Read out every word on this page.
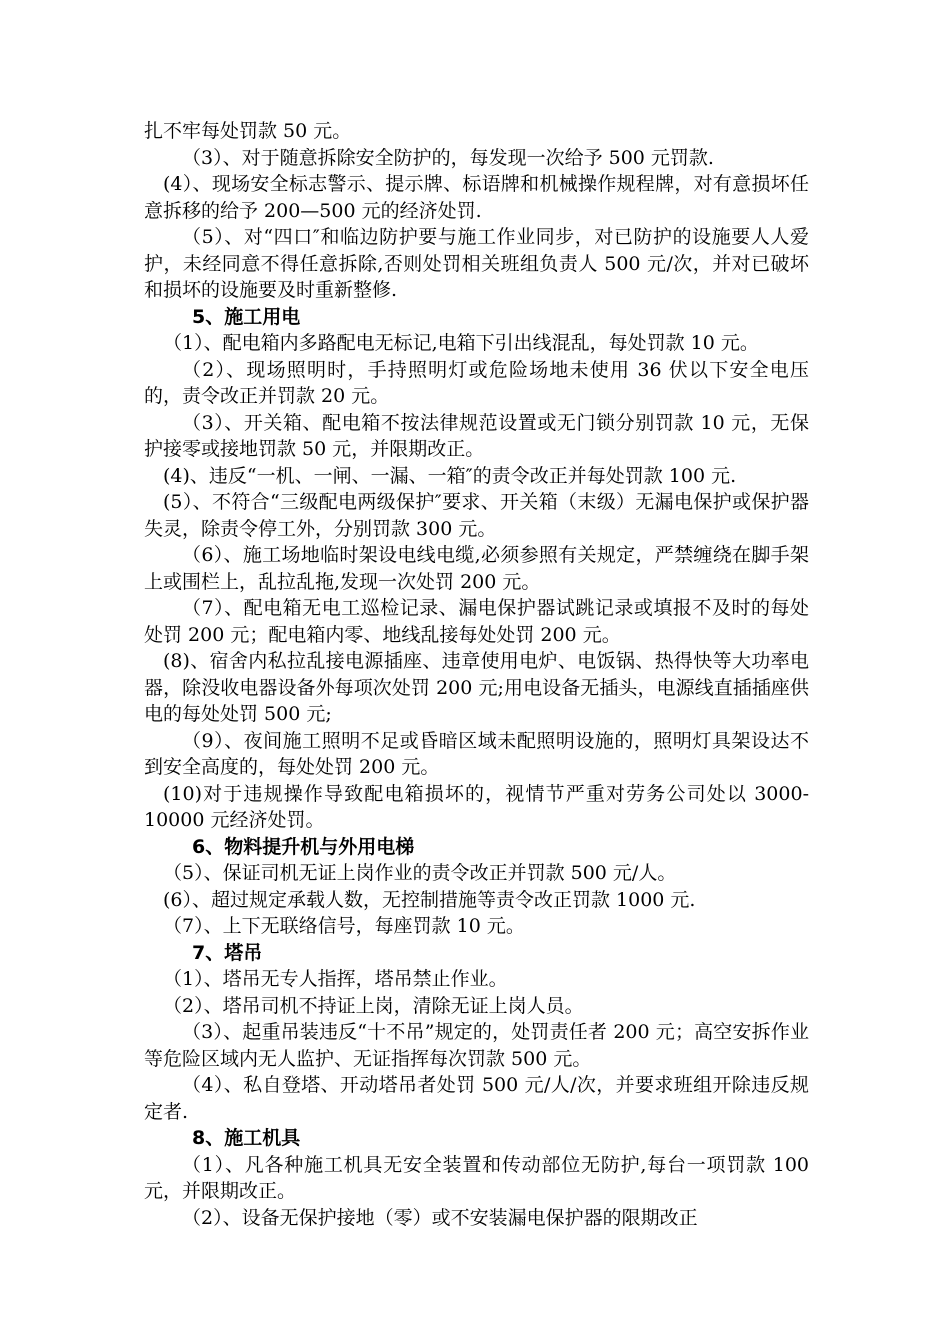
扎不牢每处罚款 50 元。

（3）、对于随意拆除安全防护的，每发现一次给予 500 元罚款.

(4）、现场安全标志警示、提示牌、标语牌和机械操作规程牌，对有意损坏任意拆移的给予 200—500 元的经济处罚.

（5）、对“四口″和临边防护要与施工作业同步，对已防护的设施要人人爱护，未经同意不得任意拆除,否则处罚相关班组负责人 500 元/次，并对已破坏和损坏的设施要及时重新整修.

5、施工用电

（1）、配电箱内多路配电无标记,电箱下引出线混乱，每处罚款 10 元。

（2）、现场照明时，手持照明灯或危险场地未使用 36 伏以下安全电压的，责令改正并罚款 20 元。

（3）、开关箱、配电箱不按法律规范设置或无门锁分别罚款 10 元，无保护接零或接地罚款 50 元，并限期改正。

(4)、违反“一机、一闸、一漏、一箱″的责令改正并每处罚款 100 元.

(5）、不符合“三级配电两级保护″要求、开关箱（末级）无漏电保护或保护器失灵，除责令停工外，分别罚款 300 元。

（6）、施工场地临时架设电线电缆,必须参照有关规定，严禁缠绕在脚手架上或围栏上，乱拉乱拖,发现一次处罚 200 元。

（7）、配电箱无电工巡检记录、漏电保护器试跳记录或填报不及时的每处处罚 200 元；配电箱内零、地线乱接每处处罚 200 元。

(8)、宿舍内私拉乱接电源插座、违章使用电炉、电饭锅、热得快等大功率电器，除没收电器设备外每项次处罚 200 元;用电设备无插头，电源线直插插座供电的每处处罚 500 元;

（9）、夜间施工照明不足或昏暗区域未配照明设施的，照明灯具架设达不到安全高度的，每处处罚 200 元。

(10)对于违规操作导致配电箱损坏的，视情节严重对劳务公司处以 3000-10000 元经济处罚。

6、物料提升机与外用电梯

（5）、保证司机无证上岗作业的责令改正并罚款 500 元/人。

(6）、超过规定承载人数，无控制措施等责令改正罚款 1000 元.

（7）、上下无联络信号，每座罚款 10 元。

7、塔吊

（1）、塔吊无专人指挥，塔吊禁止作业。

（2）、塔吊司机不持证上岗，清除无证上岗人员。

（3）、起重吊装违反“十不吊”规定的，处罚责任者 200 元；高空安拆作业等危险区域内无人监护、无证指挥每次罚款 500 元。

（4）、私自登塔、开动塔吊者处罚 500 元/人/次，并要求班组开除违反规定者.

8、施工机具

（1）、凡各种施工机具无安全装置和传动部位无防护,每台一项罚款 100 元，并限期改正。

（2）、设备无保护接地（零）或不安装漏电保护器的限期改正
